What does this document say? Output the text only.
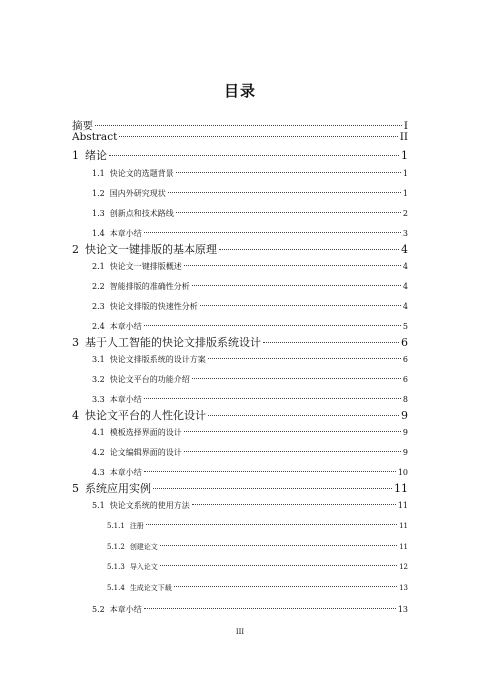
目录
摘要	I
Abstract	II
1 绪论	1
1.1 快论文的选题背景	1
1.2 国内外研究现状	1
1.3 创新点和技术路线	2
1.4 本章小结	3
2 快论文一键排版的基本原理	4
2.1 快论文一键排版概述	4
2.2 智能排版的准确性分析	4
2.3 快论文排版的快速性分析	4
2.4 本章小结	5
3 基于人工智能的快论文排版系统设计	6
3.1 快论文排版系统的设计方案	6
3.2 快论文平台的功能介绍	6
3.3 本章小结	8
4 快论文平台的人性化设计	9
4.1 模板选择界面的设计	9
4.2 论文编辑界面的设计	9
4.3 本章小结	10
5 系统应用实例	11
5.1 快论文系统的使用方法	11
5.1.1 注册	11
5.1.2 创建论文	11
5.1.3 导入论文	12
5.1.4 生成论文下载	13
5.2 本章小结	13
III
